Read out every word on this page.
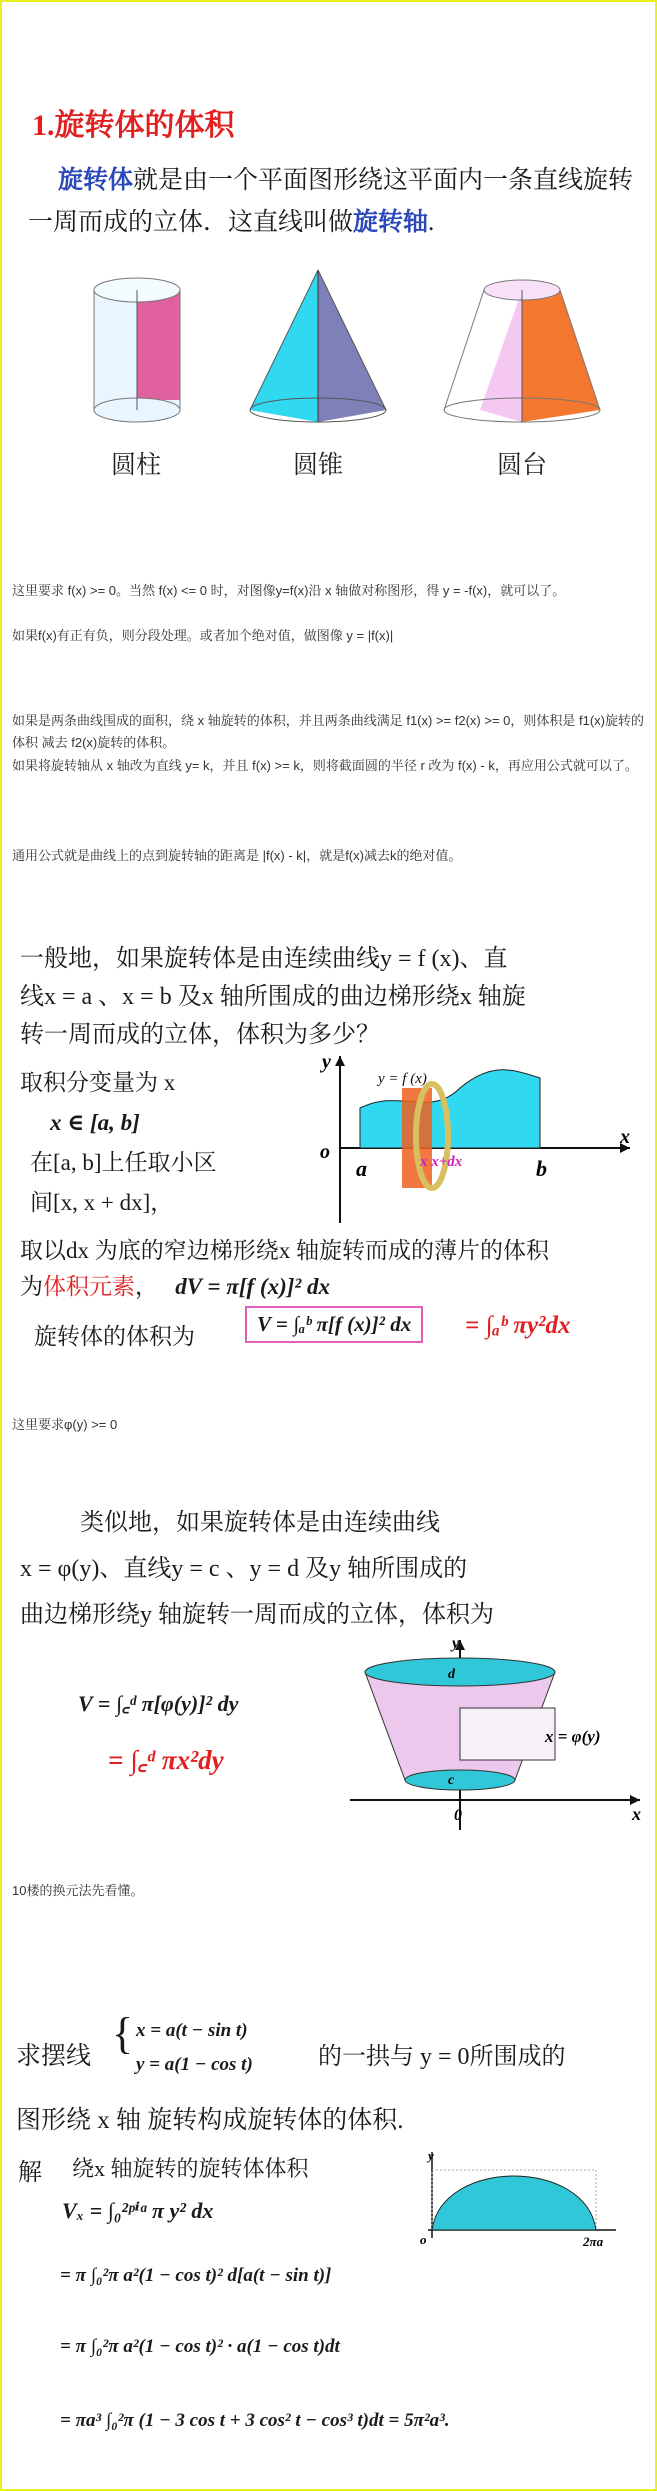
1.旋转体的体积
旋转体就是由一个平面图形绕这平面内一条直线旋转一周而成的立体．这直线叫做旋转轴.
圆柱	圆锥	圆台
这里要求 f(x) >= 0。当然 f(x) <= 0 时，对图像y=f(x)沿 x 轴做对称图形，得 y = -f(x)，就可以了。
如果f(x)有正有负，则分段处理。或者加个绝对值，做图像 y = |f(x)|
如果是两条曲线围成的面积，绕 x 轴旋转的体积，并且两条曲线满足 f1(x) >= f2(x) >= 0，则体积是 f1(x)旋转的体积 减去 f2(x)旋转的体积。
如果将旋转轴从 x 轴改为直线 y= k，并且 f(x) >= k，则将截面圆的半径 r 改为 f(x) - k，再应用公式就可以了。
通用公式就是曲线上的点到旋转轴的距离是 |f(x) - k|，就是f(x)减去k的绝对值。
一般地，如果旋转体是由连续曲线y = f (x)、直
线x = a 、x = b 及x 轴所围成的曲边梯形绕x 轴旋
转一周而成的立体，体积为多少？
取积分变量为 x
x ∈ [a, b]
在[a, b]上任取小区
间[x, x + dx]，
y = f (x)
y
o
a	b
x
x x+dx
取以dx 为底的窄边梯形绕x 轴旋转而成的薄片的体积
为体积元素， dV = π[f (x)]² dx
旋转体的体积为	V = ∫ₐᵇ π[f (x)]² dx	= ∫ₐᵇ πy²dx
这里要求φ(y) >= 0
类似地，如果旋转体是由连续曲线
x = φ(y)、直线y = c 、y = d 及y 轴所围成的
曲边梯形绕y 轴旋转一周而成的立体，体积为
V = ∫꜀ᵈ π[φ(y)]² dy
= ∫꜀ᵈ πx²dy
y
0	x
d
c
x = φ(y)
10楼的换元法先看懂。
求摆线 { x = a(t − sin t)
y = a(1 − cos t)	的一拱与 y = 0所围成的
图形绕 x 轴 旋转构成旋转体的体积.
解 绕x 轴旋转的旋转体体积
y
o	2πa
Vₓ = ∫₀²ᵖⁱᵃ π y² dx
= π ∫₀²π a²(1 − cos t)² d[a(t − sin t)]
= π ∫₀²π a²(1 − cos t)² · a(1 − cos t)dt
= πa³ ∫₀²π (1 − 3 cos t + 3 cos² t − cos³ t)dt = 5π²a³.
